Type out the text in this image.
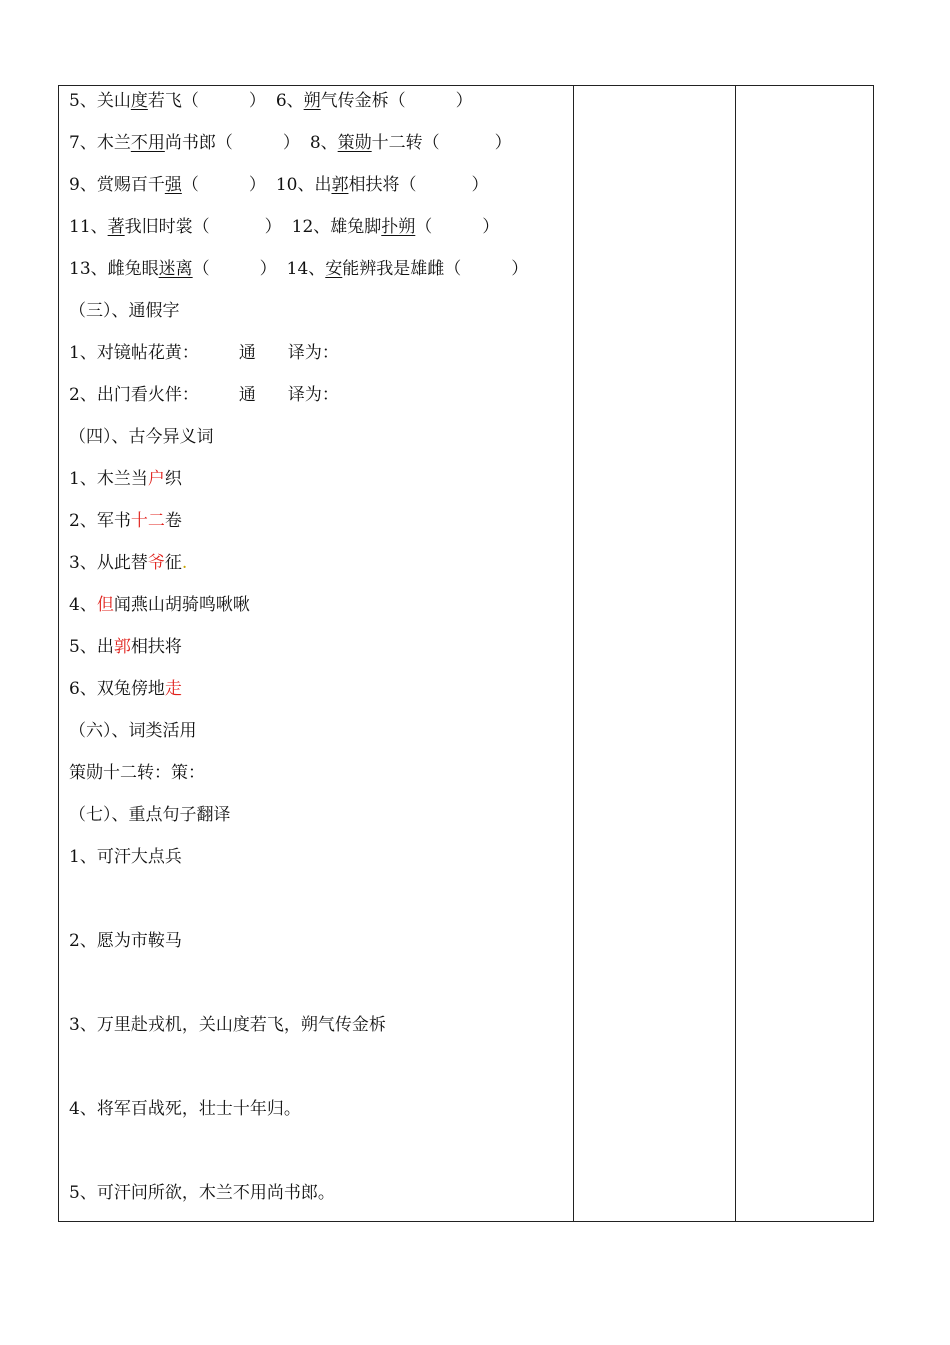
5、关山度若飞（	） 6、朔气传金柝（	）
7、木兰不用尚书郎（	） 8、策勋十二转（	）
9、赏赐百千强（	） 10、出郭相扶将（	）
11、著我旧时裳（	） 12、雄兔脚扑朔（	）
13、雌兔眼迷离（	） 14、安能辨我是雄雌（	）
（三）、通假字
1、对镜帖花黄： 通 译为：
2、出门看火伴： 通 译为：
（四）、古今异义词
1、木兰当户织
2、军书十二卷
3、从此替爷征.
4、但闻燕山胡骑鸣啾啾
5、出郭相扶将
6、双兔傍地走
（六）、词类活用
策勋十二转：策：
（七）、重点句子翻译
1、可汗大点兵
2、愿为市鞍马
3、万里赴戎机，关山度若飞，朔气传金柝
4、将军百战死，壮士十年归。
5、可汗问所欲，木兰不用尚书郎。
